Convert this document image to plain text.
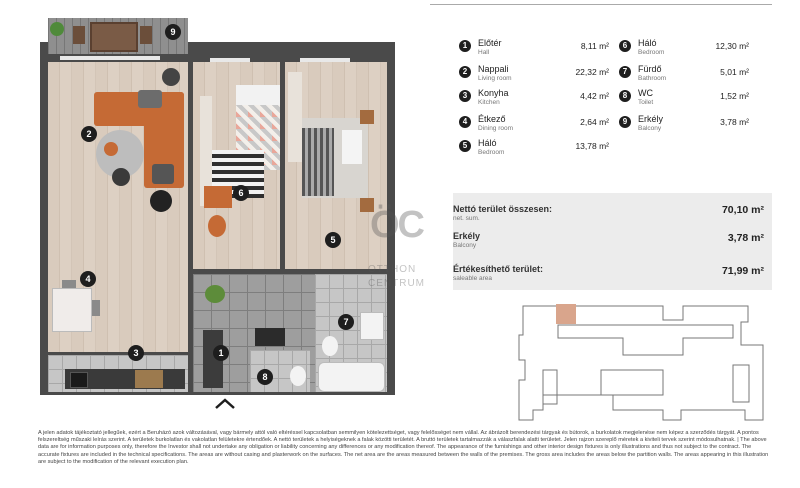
9
2
6
5
4
3	1
7
8
ÖC
OTTHON
CENTRUM
1	Előtér
Hall
8,11 m²
2	Nappali
Living room
22,32 m²
3	Konyha
Kitchen
4,42 m²
4	Étkező
Dining room
2,64 m²
5	Háló
Bedroom
13,78 m²
6	Háló
Bedroom
12,30 m²
7	Fürdő
Bathroom
5,01 m²
8	WC
Toilet
1,52 m²
9	Erkély
Balcony
3,78 m²
Nettó terület összesen:
net. sum.
70,10 m²
Erkély
Balcony
3,78 m²
Értékesíthető terület:
saleable area
71,99 m²
A jelen adatok tájékoztató jellegűek, ezért a Beruházó azok változásával, vagy bármely attól való eltéréssel kapcsolatban semmilyen kötelezettséget, vagy felelősséget nem vállal. Az ábrázolt berendezési tárgyak és bútorok, a burkolatok megjelenése nem képez a szerződés tárgyát. A pontos felszereltség műszaki leírás szerint. A területek burkolatlan és vakolatlan felületekre értendőek. A nettó területek a helyiségeknek a falak közötti területét. A bruttó területek tartalmazzák a válaszfalak alatti területet. Jelen rajzon szereplő méretek a kiviteli tervek szerint módosulhatnak. | The above data are for information purposes only, therefore the Investor shall not undertake any obligation or liability concerning any differences or any modification thereof. The appearance of the furnishings and other interior design fixtures is only illustrations and thus not subject to the contract. The accurate fixtures are included in the technical specifications. The areas are without casing and plasterwork on the surfaces. The net area are the areas measured between the walls of the premises. The gross area includes the areas below the partition walls. The areas appearing in this illustration are subject to the modification of the relevant execution plan.
